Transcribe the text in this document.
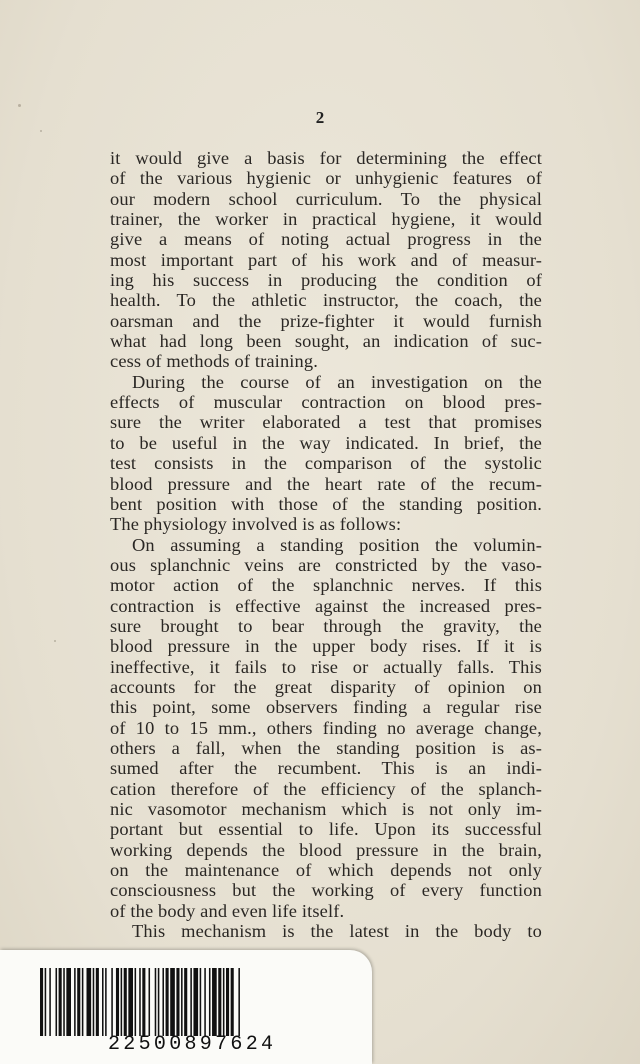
2
it would give a basis for determining the effect
of the various hygienic or unhygienic features of
our modern school curriculum. To the physical
trainer, the worker in practical hygiene, it would
give a means of noting actual progress in the
most important part of his work and of measur-
ing his success in producing the condition of
health. To the athletic instructor, the coach, the
oarsman and the prize-fighter it would furnish
what had long been sought, an indication of suc-
cess of methods of training.
During the course of an investigation on the
effects of muscular contraction on blood pres-
sure the writer elaborated a test that promises
to be useful in the way indicated. In brief, the
test consists in the comparison of the systolic
blood pressure and the heart rate of the recum-
bent position with those of the standing position.
The physiology involved is as follows:
On assuming a standing position the volumin-
ous splanchnic veins are constricted by the vaso-
motor action of the splanchnic nerves. If this
contraction is effective against the increased pres-
sure brought to bear through the gravity, the
blood pressure in the upper body rises. If it is
ineffective, it fails to rise or actually falls. This
accounts for the great disparity of opinion on
this point, some observers finding a regular rise
of 10 to 15 mm., others finding no average change,
others a fall, when the standing position is as-
sumed after the recumbent. This is an indi-
cation therefore of the efficiency of the splanch-
nic vasomotor mechanism which is not only im-
portant but essential to life. Upon its successful
working depends the blood pressure in the brain,
on the maintenance of which depends not only
consciousness but the working of every function
of the body and even life itself.
This mechanism is the latest in the body to
22500897624
